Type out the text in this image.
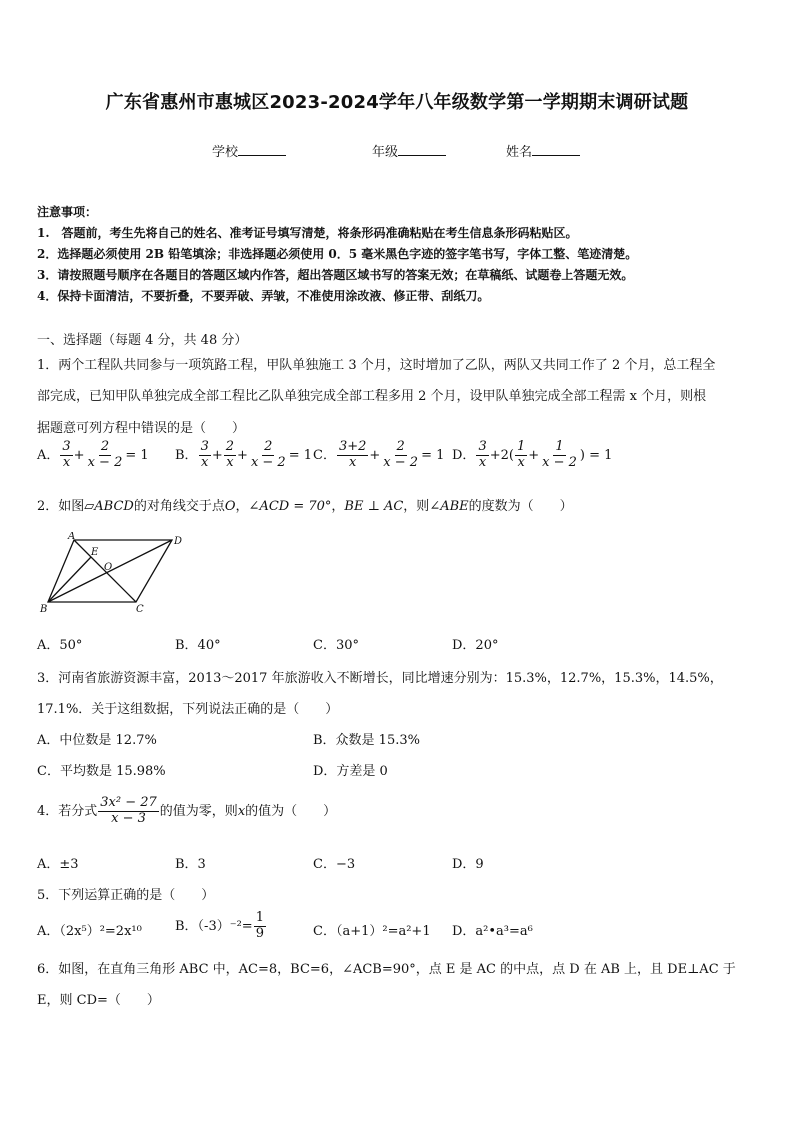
广东省惠州市惠城区2023-2024学年八年级数学第一学期期末调研试题
学校	年级	姓名
注意事项：
1.　答题前，考生先将自己的姓名、准考证号填写清楚，将条形码准确粘贴在考生信息条形码粘贴区。
2．选择题必须使用 2B 铅笔填涂；非选择题必须使用 0．5 毫米黑色字迹的签字笔书写，字体工整、笔迹清楚。
3．请按照题号顺序在各题目的答题区域内作答，超出答题区域书写的答案无效；在草稿纸、试题卷上答题无效。
4．保持卡面清洁，不要折叠，不要弄破、弄皱，不准使用涂改液、修正带、刮纸刀。
一、选择题（每题 4 分，共 48 分）
1．两个工程队共同参与一项筑路工程，甲队单独施工 3 个月，这时增加了乙队，两队又共同工作了 2 个月，总工程全
部完成，已知甲队单独完成全部工程比乙队单独完成全部工程多用 2 个月，设甲队单独完成全部工程需 x 个月，则根
据题意可列方程中错误的是（　　）
A． $\frac{3}{x} + \frac{2}{x - 2} = 1$ B． $\frac{3}{x} + \frac{2}{x} + \frac{2}{x - 2} = 1$ C． $\frac{3+2}{x} + \frac{2}{x - 2} = 1$ D． $\frac{3}{x} +2( \frac{1}{x} + \frac{1}{x - 2}$ ) = 1
2．如图▱ABCD的对角线交于点O，∠ACD = 70°，BE ⊥ AC，则∠ABE的度数为（　　）
A	D
E
O
B	C
A．50°	B．40°	C．30°	D．20°
3．河南省旅游资源丰富，2013～2017 年旅游收入不断增长，同比增速分别为：15.3%，12.7%，15.3%，14.5%，
17.1%．关于这组数据，下列说法正确的是（　　）
A．中位数是 12.7%	B．众数是 15.3%
C．平均数是 15.98%	D．方差是 0
4．若分式 $\frac{\text{3x² − 27}}{x - 3}$ 的值为零，则x的值为（　　）
A．±3	B．3	C．−3	D．9
5．下列运算正确的是（　　）
A．（2x⁵）²=2x¹⁰	B．$(-3)^{-2}= \frac{1}{9}$	C．（a+1）²=a²+1 D．a²•a³=a⁶
6．如图，在直角三角形 ABC 中，AC=8，BC=6，∠ACB=90°，点 E 是 AC 的中点，点 D 在 AB 上，且 DE⊥AC 于
E，则 CD=（　　）
